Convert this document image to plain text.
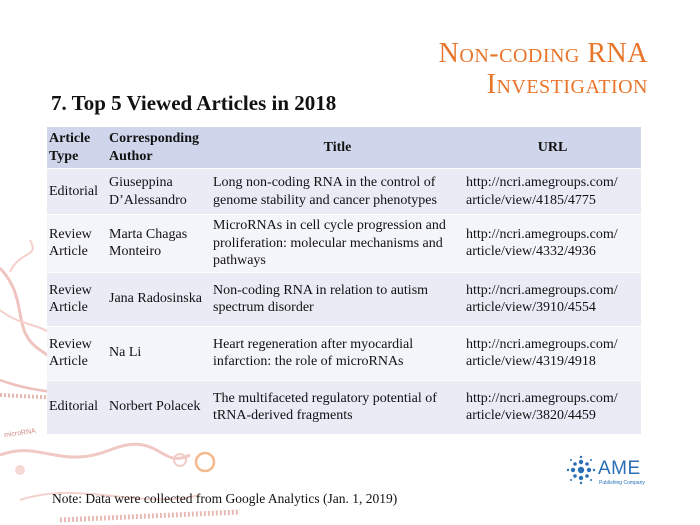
microRNA
Non-coding RNA
Investigation
7. Top 5 Viewed Articles in 2018
Article Type	Corresponding Author	Title	URL
Editorial	Giuseppina D’Alessandro	Long non-coding RNA in the control of genome stability and cancer phenotypes	http://ncri.amegroups.com/ article/view/4185/4775
Review Article	Marta Chagas Monteiro	MicroRNAs in cell cycle progression and proliferation: molecular mechanisms and pathways	http://ncri.amegroups.com/ article/view/4332/4936
Review Article	Jana Radosinska	Non-coding RNA in relation to autism spectrum disorder	http://ncri.amegroups.com/ article/view/3910/4554
Review Article	Na Li	Heart regeneration after myocardial infarction: the role of microRNAs	http://ncri.amegroups.com/ article/view/4319/4918
Editorial	Norbert Polacek	The multifaceted regulatory potential of tRNA-derived fragments	http://ncri.amegroups.com/ article/view/3820/4459
AME
Publishing Company
Note: Data were collected from Google Analytics (Jan. 1, 2019)
